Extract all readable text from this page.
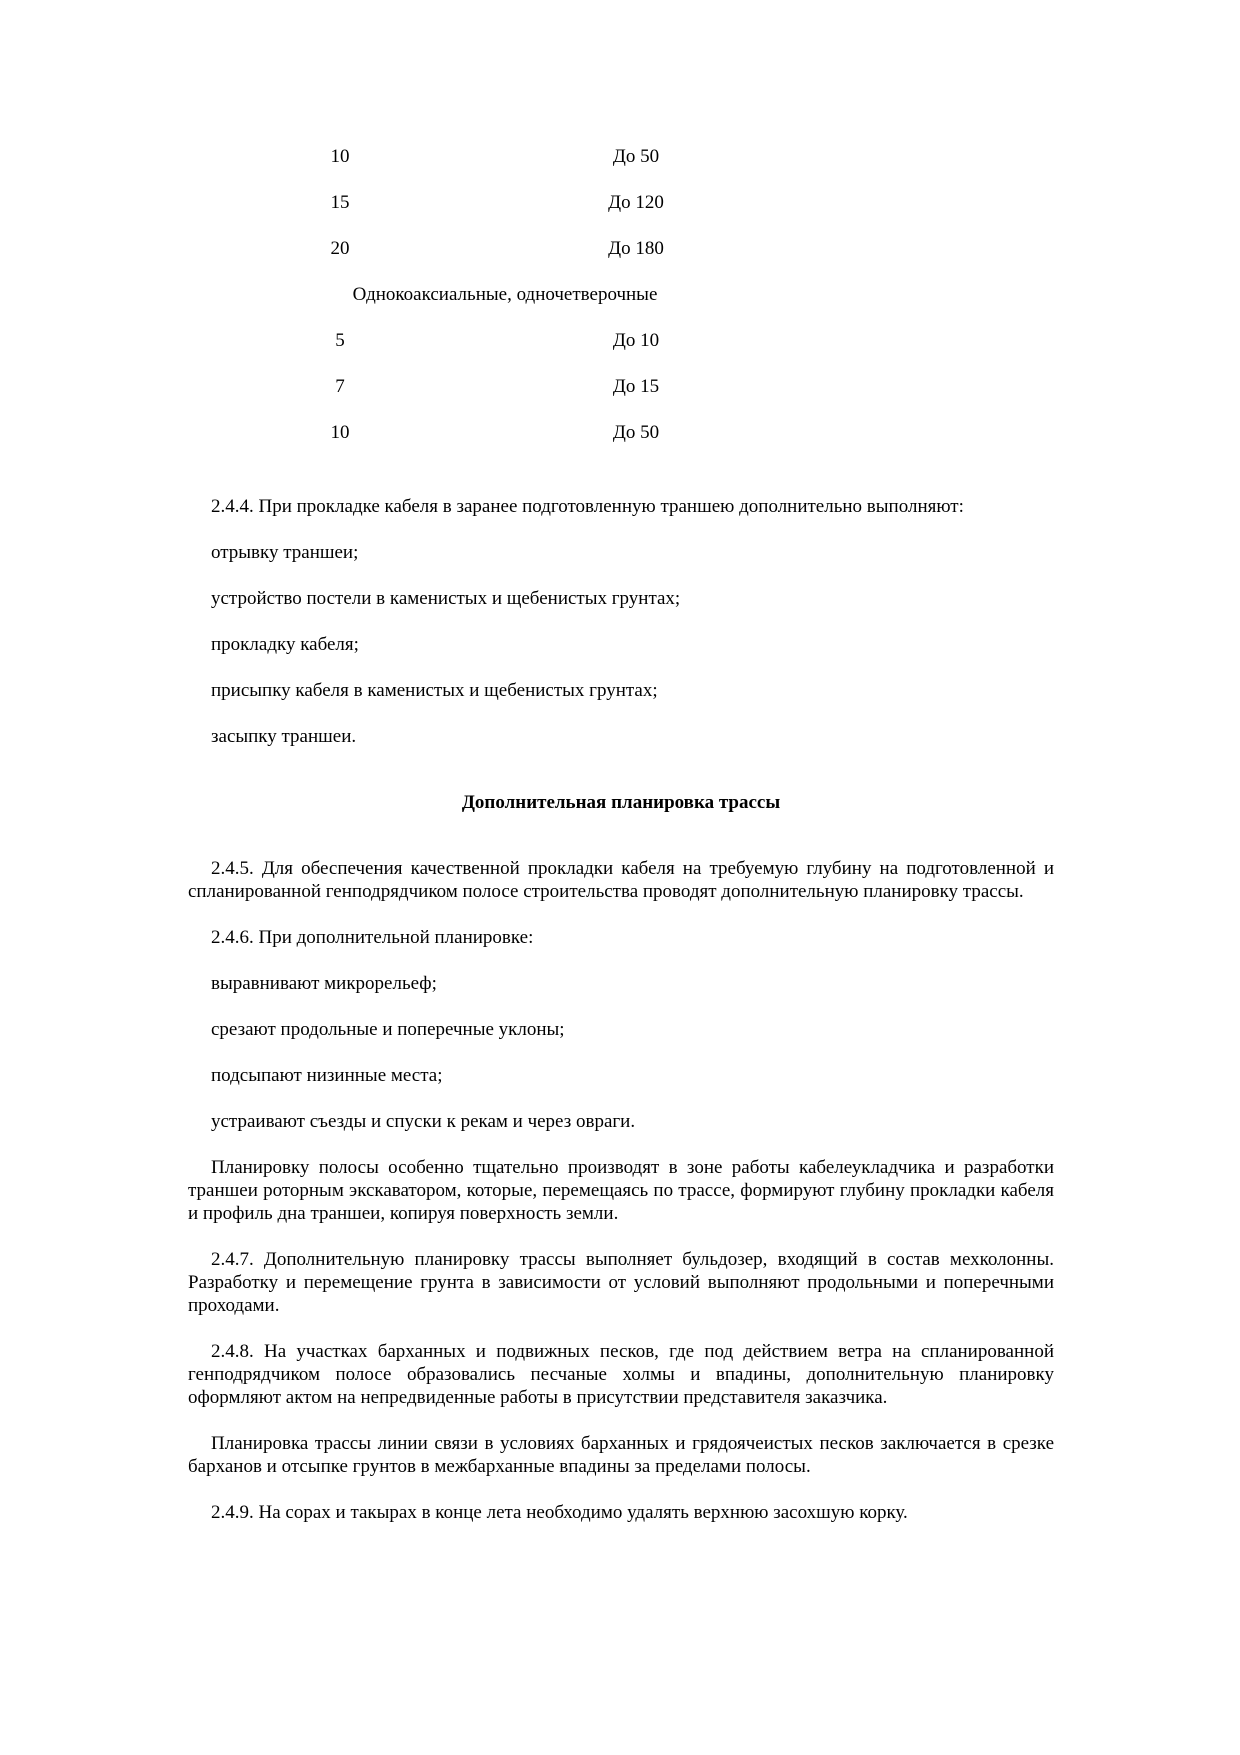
10	До 50
15	До 120
20	До 180
Однокоаксиальные, одночетверочные
5	До 10
7	До 15
10	До 50

2.4.4. При прокладке кабеля в заранее подготовленную траншею дополнительно выполняют:

отрывку траншеи;

устройство постели в каменистых и щебенистых грунтах;

прокладку кабеля;

присыпку кабеля в каменистых и щебенистых грунтах;

засыпку траншеи.

Дополнительная планировка трассы

2.4.5. Для обеспечения качественной прокладки кабеля на требуемую глубину на подготовленной и спланированной генподрядчиком полосе строительства проводят дополнительную планировку трассы.

2.4.6. При дополнительной планировке:

выравнивают микрорельеф;

срезают продольные и поперечные уклоны;

подсыпают низинные места;

устраивают съезды и спуски к рекам и через овраги.

Планировку полосы особенно тщательно производят в зоне работы кабелеукладчика и разработки траншеи роторным экскаватором, которые, перемещаясь по трассе, формируют глубину прокладки кабеля и профиль дна траншеи, копируя поверхность земли.

2.4.7. Дополнительную планировку трассы выполняет бульдозер, входящий в состав мехколонны. Разработку и перемещение грунта в зависимости от условий выполняют продольными и поперечными проходами.

2.4.8. На участках барханных и подвижных песков, где под действием ветра на спланированной генподрядчиком полосе образовались песчаные холмы и впадины, дополнительную планировку оформляют актом на непредвиденные работы в присутствии представителя заказчика.

Планировка трассы линии связи в условиях барханных и грядоячеистых песков заключается в срезке барханов и отсыпке грунтов в межбарханные впадины за пределами полосы.

2.4.9. На сорах и такырах в конце лета необходимо удалять верхнюю засохшую корку.
